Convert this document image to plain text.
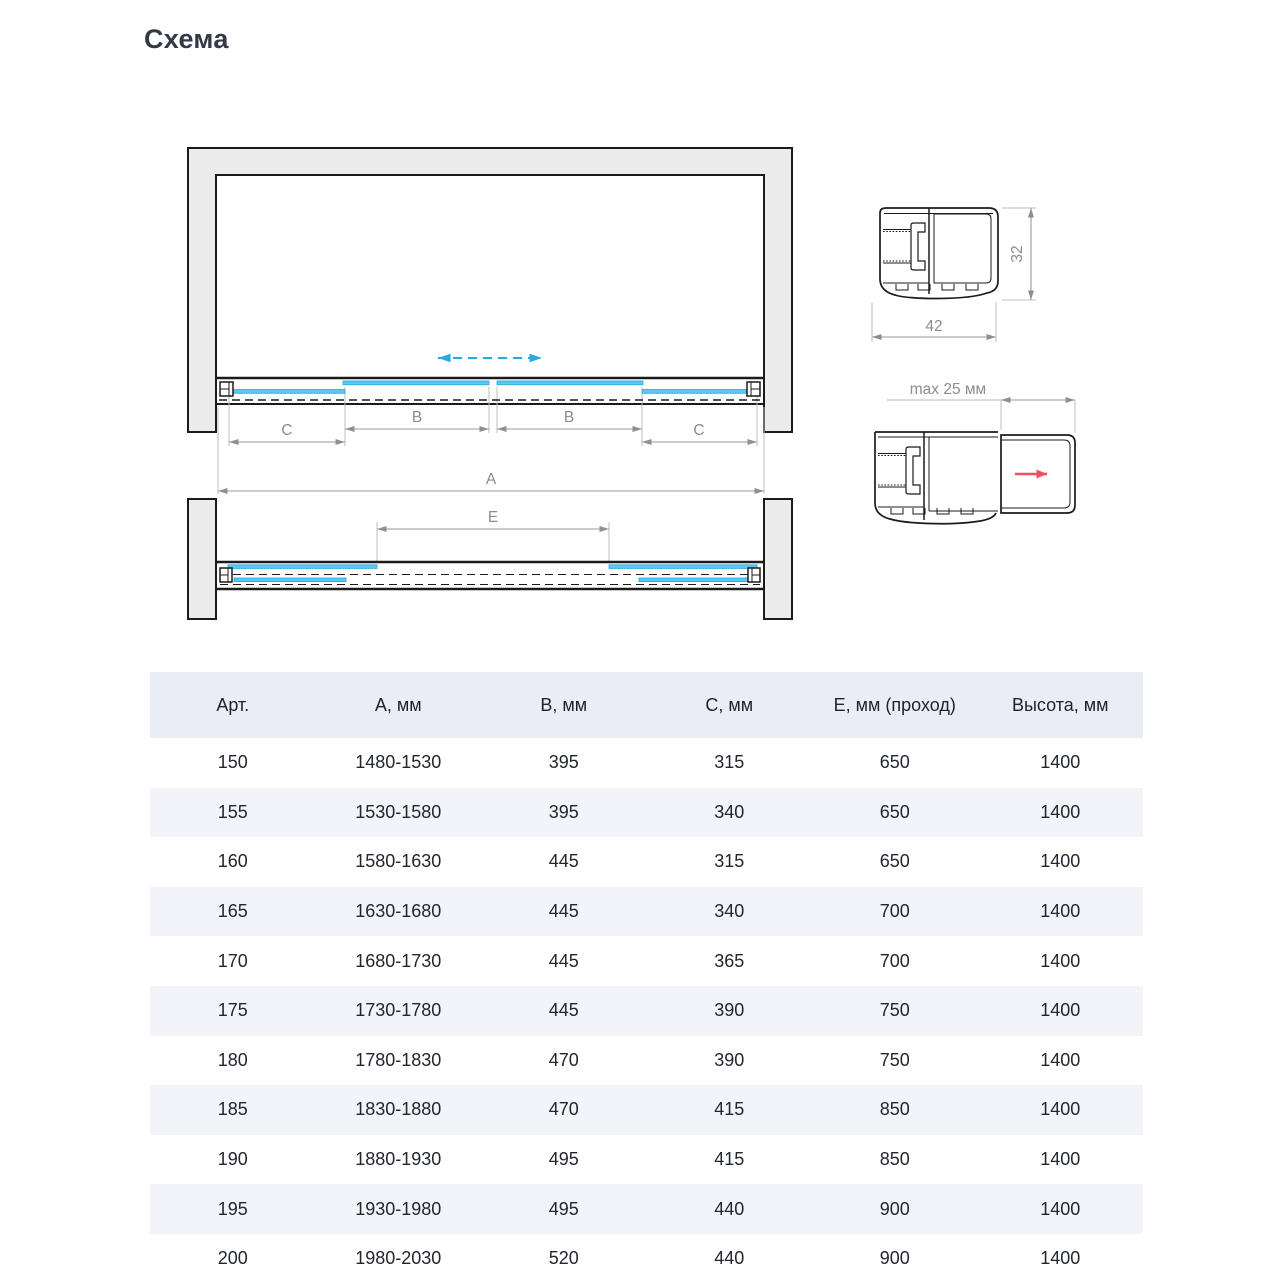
Схема
B	B
C	C
A
E
42
32
max 25 мм
Арт.	А, мм	В, мм	С, мм	Е, мм (проход)	Высота, мм
150	1480-1530	395	315	650	1400
155	1530-1580	395	340	650	1400
160	1580-1630	445	315	650	1400
165	1630-1680	445	340	700	1400
170	1680-1730	445	365	700	1400
175	1730-1780	445	390	750	1400
180	1780-1830	470	390	750	1400
185	1830-1880	470	415	850	1400
190	1880-1930	495	415	850	1400
195	1930-1980	495	440	900	1400
200	1980-2030	520	440	900	1400
